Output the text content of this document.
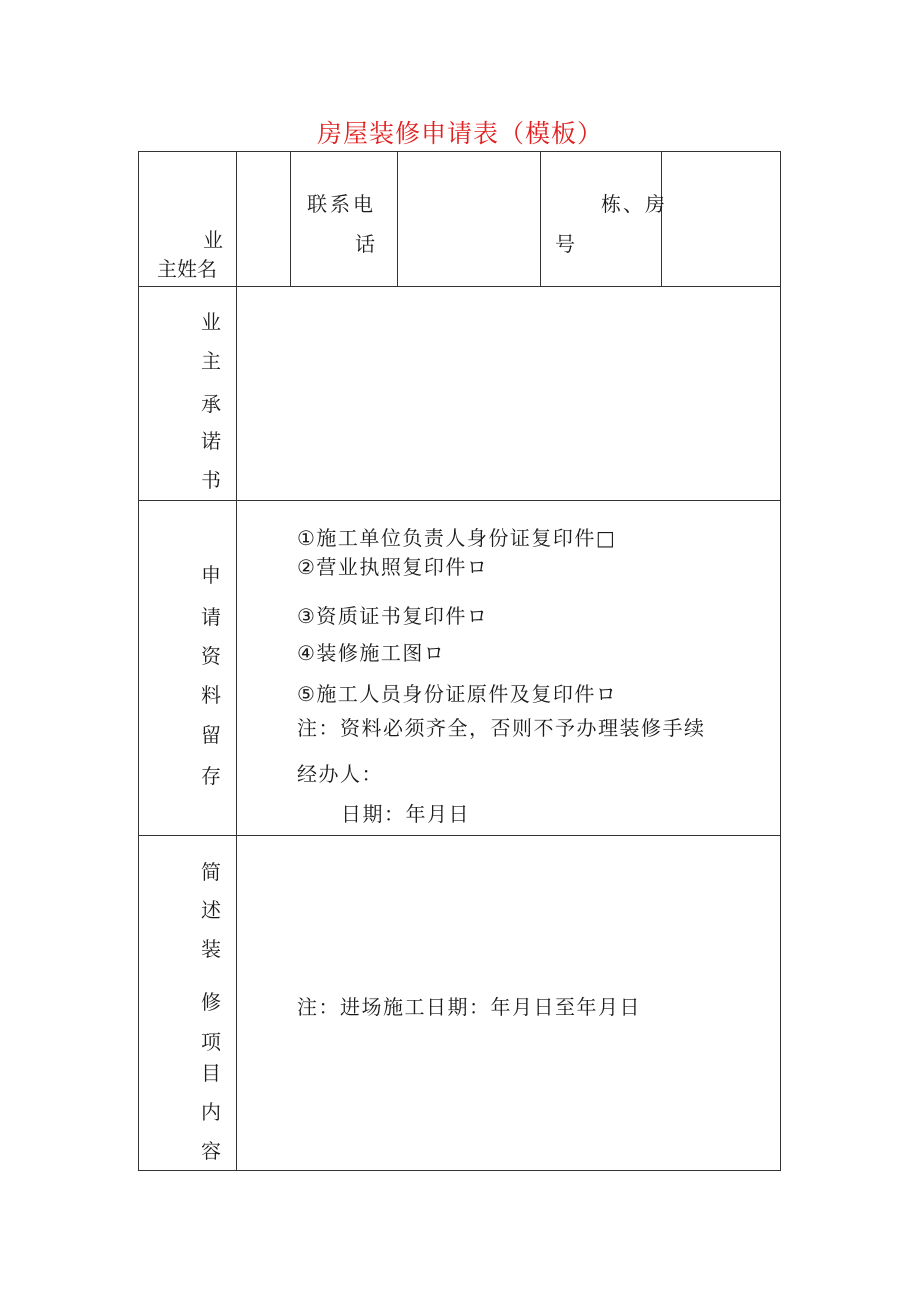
房屋装修申请表（模板）
业
主姓名
联系电
话
栋、房
号
业
主
承
诺
书
申
请
资
料
留
存
①施工单位负责人身份证复印件□
②营业执照复印件ロ
③资质证书复印件ロ
④装修施工图ロ
⑤施工人员身份证原件及复印件ロ
注：资料必须齐全，否则不予办理装修手续
经办人：
日期：年月日
简
述
装
修
项
目
内
容
注：进场施工日期：年月日至年月日
